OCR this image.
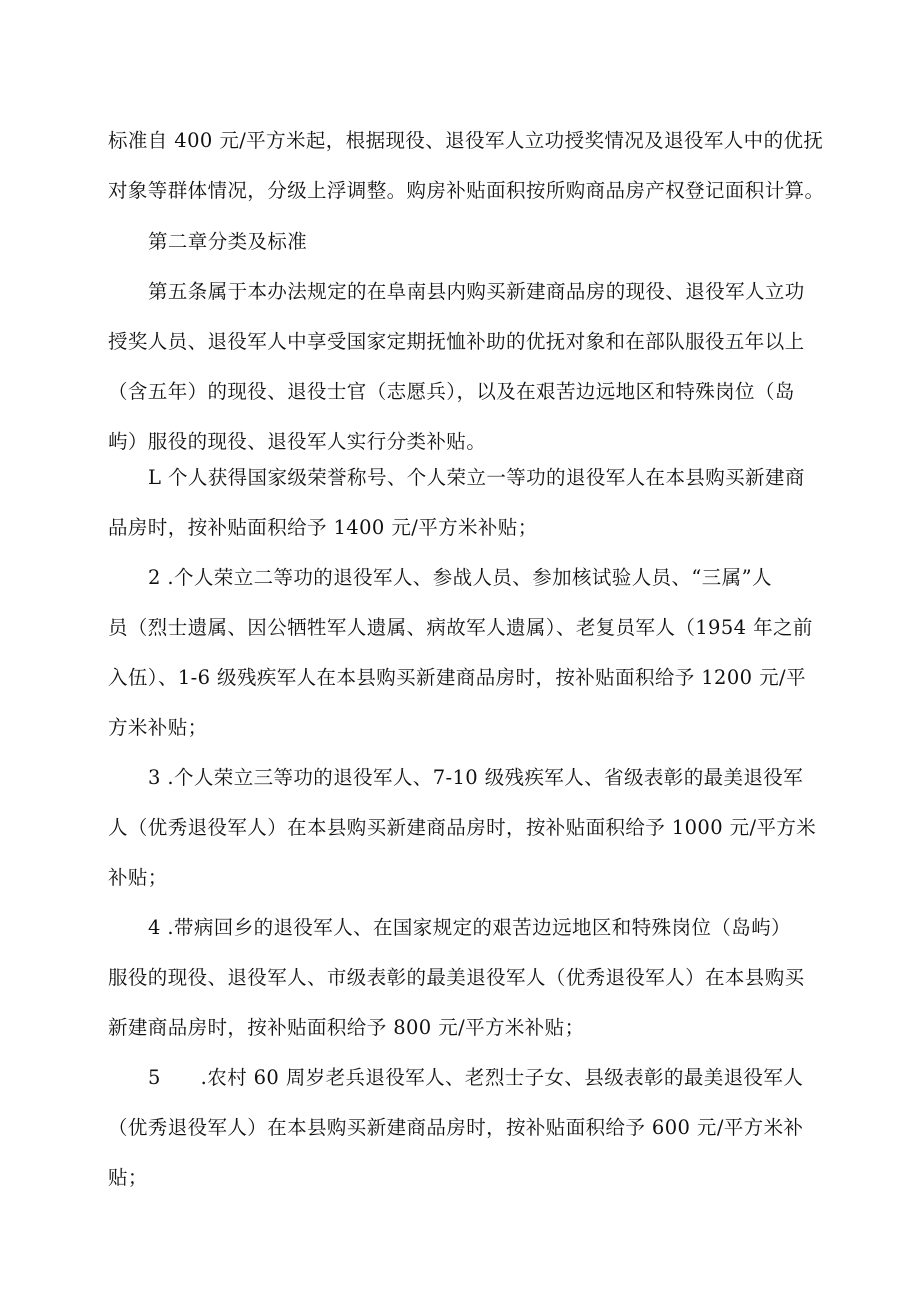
标准自 400 元/平方米起，根据现役、退役军人立功授奖情况及退役军人中的优抚
对象等群体情况，分级上浮调整。购房补贴面积按所购商品房产权登记面积计算。
第二章分类及标准
第五条属于本办法规定的在阜南县内购买新建商品房的现役、退役军人立功
授奖人员、退役军人中享受国家定期抚恤补助的优抚对象和在部队服役五年以上
（含五年）的现役、退役士官（志愿兵），以及在艰苦边远地区和特殊岗位（岛
屿）服役的现役、退役军人实行分类补贴。
L 个人获得国家级荣誉称号、个人荣立一等功的退役军人在本县购买新建商
品房时，按补贴面积给予 1400 元/平方米补贴；
2 .个人荣立二等功的退役军人、参战人员、参加核试验人员、“三属”人
员（烈士遗属、因公牺牲军人遗属、病故军人遗属）、老复员军人（1954 年之前
入伍）、1-6 级残疾军人在本县购买新建商品房时，按补贴面积给予 1200 元/平
方米补贴；
3 .个人荣立三等功的退役军人、7-10 级残疾军人、省级表彰的最美退役军
人（优秀退役军人）在本县购买新建商品房时，按补贴面积给予 1000 元/平方米
补贴；
4 .带病回乡的退役军人、在国家规定的艰苦边远地区和特殊岗位（岛屿）
服役的现役、退役军人、市级表彰的最美退役军人（优秀退役军人）在本县购买
新建商品房时，按补贴面积给予 800 元/平方米补贴；
5　　.农村 60 周岁老兵退役军人、老烈士子女、县级表彰的最美退役军人
（优秀退役军人）在本县购买新建商品房时，按补贴面积给予 600 元/平方米补
贴；
